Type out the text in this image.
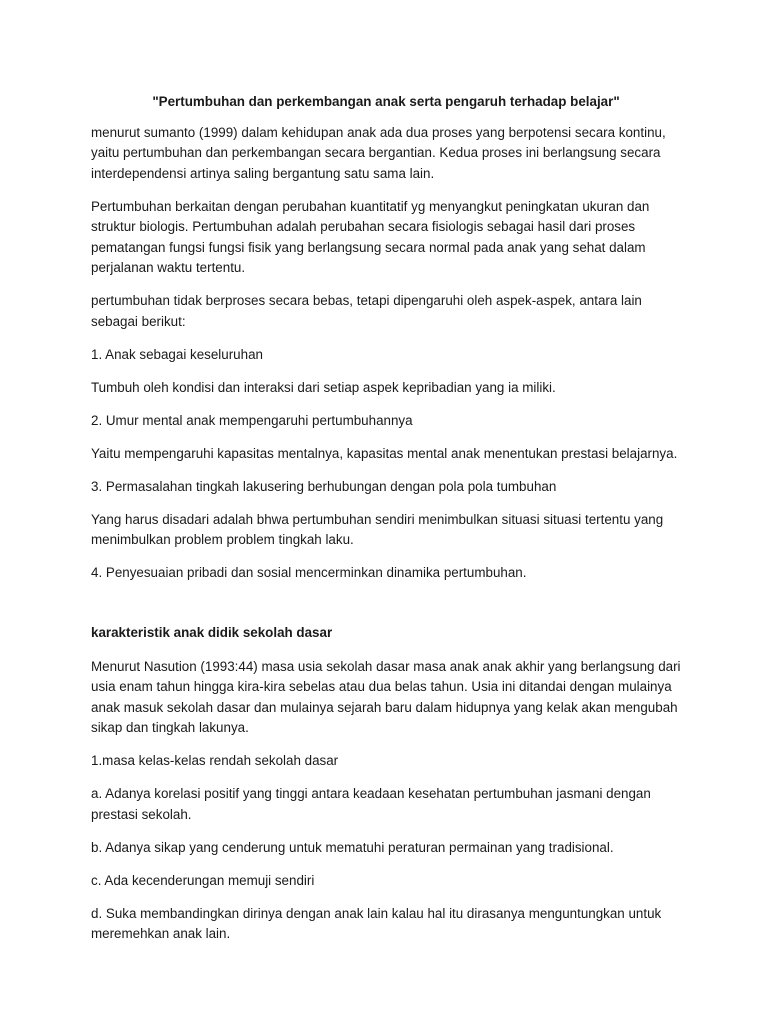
"Pertumbuhan dan perkembangan anak serta pengaruh terhadap belajar"

menurut sumanto (1999) dalam kehidupan anak ada dua proses yang berpotensi secara kontinu, yaitu pertumbuhan dan perkembangan secara bergantian. Kedua proses ini berlangsung secara interdependensi artinya saling bergantung satu sama lain.

Pertumbuhan berkaitan dengan perubahan kuantitatif yg menyangkut peningkatan ukuran dan struktur biologis. Pertumbuhan adalah perubahan secara fisiologis sebagai hasil dari proses pematangan fungsi fungsi fisik yang berlangsung secara normal pada anak yang sehat dalam perjalanan waktu tertentu.

pertumbuhan tidak berproses secara bebas, tetapi dipengaruhi oleh aspek-aspek, antara lain sebagai berikut:

1. Anak sebagai keseluruhan

Tumbuh oleh kondisi dan interaksi dari setiap aspek kepribadian yang ia miliki.

2. Umur mental anak mempengaruhi pertumbuhannya

Yaitu mempengaruhi kapasitas mentalnya, kapasitas mental anak menentukan prestasi belajarnya.

3. Permasalahan tingkah lakusering berhubungan dengan pola pola tumbuhan

Yang harus disadari adalah bhwa pertumbuhan sendiri menimbulkan situasi situasi tertentu yang menimbulkan problem problem tingkah laku.

4. Penyesuaian pribadi dan sosial mencerminkan dinamika pertumbuhan.

karakteristik anak didik sekolah dasar

Menurut Nasution (1993:44) masa usia sekolah dasar masa anak anak akhir yang berlangsung dari usia enam tahun hingga kira-kira sebelas atau dua belas tahun. Usia ini ditandai dengan mulainya anak masuk sekolah dasar dan mulainya sejarah baru dalam hidupnya yang kelak akan mengubah sikap dan tingkah lakunya.

1.masa kelas-kelas rendah sekolah dasar

a. Adanya korelasi positif yang tinggi antara keadaan kesehatan pertumbuhan jasmani dengan prestasi sekolah.

b. Adanya sikap yang cenderung untuk mematuhi peraturan permainan yang tradisional.

c. Ada kecenderungan memuji sendiri

d. Suka membandingkan dirinya dengan anak lain kalau hal itu dirasanya menguntungkan untuk meremehkan anak lain.
